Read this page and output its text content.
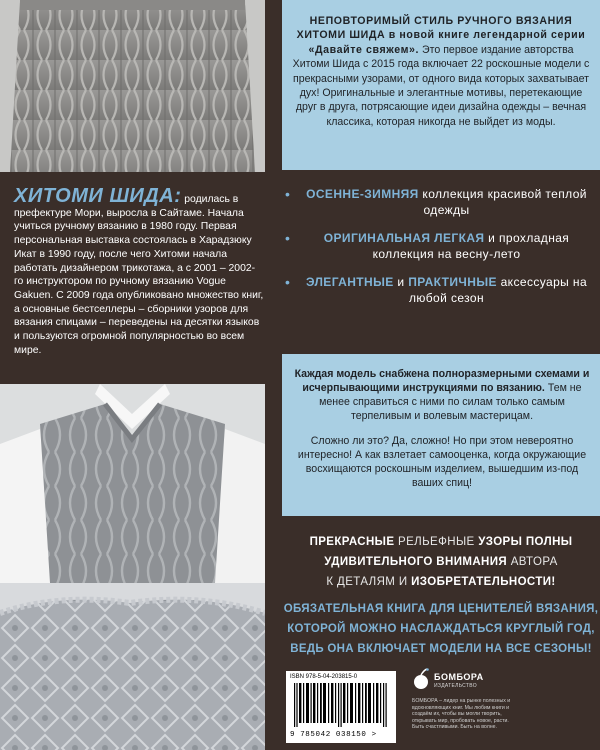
НЕПОВТОРИМЫЙ СТИЛЬ РУЧНОГО ВЯЗАНИЯ ХИТОМИ ШИДА в новой книге легендарной серии «Давайте свяжем». Это первое издание авторства Хитоми Шида с 2015 года включает 22 роскошные модели с прекрасными узорами, от одного вида которых захватывает дух! Оригинальные и элегантные мотивы, перетекающие друг в друга, потрясающие идеи дизайна одежды – вечная классика, которая никогда не выйдет из моды.
ХИТОМИ ШИДА: родилась в префектуре Мори, выросла в Сайтаме. Начала учиться ручному вязанию в 1980 году. Первая персональная выставка состоялась в Харадзюку Икат в 1990 году, после чего Хитоми начала работать дизайнером трикотажа, а с 2001 – 2002-го инструктором по ручному вязанию Vogue Gakuen. С 2009 года опубликовано множество книг, а основные бестселлеры – сборники узоров для вязания спицами – переведены на десятки языков и пользуются огромной популярностью во всем мире.
•	ОСЕННЕ-ЗИМНЯЯ коллекция красивой теплой одежды
•	ОРИГИНАЛЬНАЯ ЛЕГКАЯ и прохладная коллекция на весну-лето
•	ЭЛЕГАНТНЫЕ и ПРАКТИЧНЫЕ аксессуары на любой сезон

Каждая модель снабжена полноразмерными схемами и исчерпывающими инструкциями по вязанию. Тем не менее справиться с ними по силам только самым терпеливым и волевым мастерицам.

Сложно ли это? Да, сложно! Но при этом невероятно интересно! А как взлетает самооценка, когда окружающие восхищаются роскошным изделием, вышедшим из-под ваших спиц!

ПРЕКРАСНЫЕ РЕЛЬЕФНЫЕ УЗОРЫ ПОЛНЫ
УДИВИТЕЛЬНОГО ВНИМАНИЯ АВТОРА
К ДЕТАЛЯМ И ИЗОБРЕТАТЕЛЬНОСТИ!
ОБЯЗАТЕЛЬНАЯ КНИГА ДЛЯ ЦЕНИТЕЛЕЙ ВЯЗАНИЯ,
КОТОРОЙ МОЖНО НАСЛАЖДАТЬСЯ КРУГЛЫЙ ГОД,
ВЕДЬ ОНА ВКЛЮЧАЕТ МОДЕЛИ НА ВСЕ СЕЗОНЫ!
ISBN 978-5-04-203815-0
9 785042 038150 >
БОМБОРА
ИЗДАТЕЛЬСТВО
БОМБОРА – лидер на рынке полезных и вдохновляющих книг. Мы любим книги и создаём их, чтобы вы могли творить, открывать мир, пробовать новое, расти. Быть счастливыми. Быть на волне.
